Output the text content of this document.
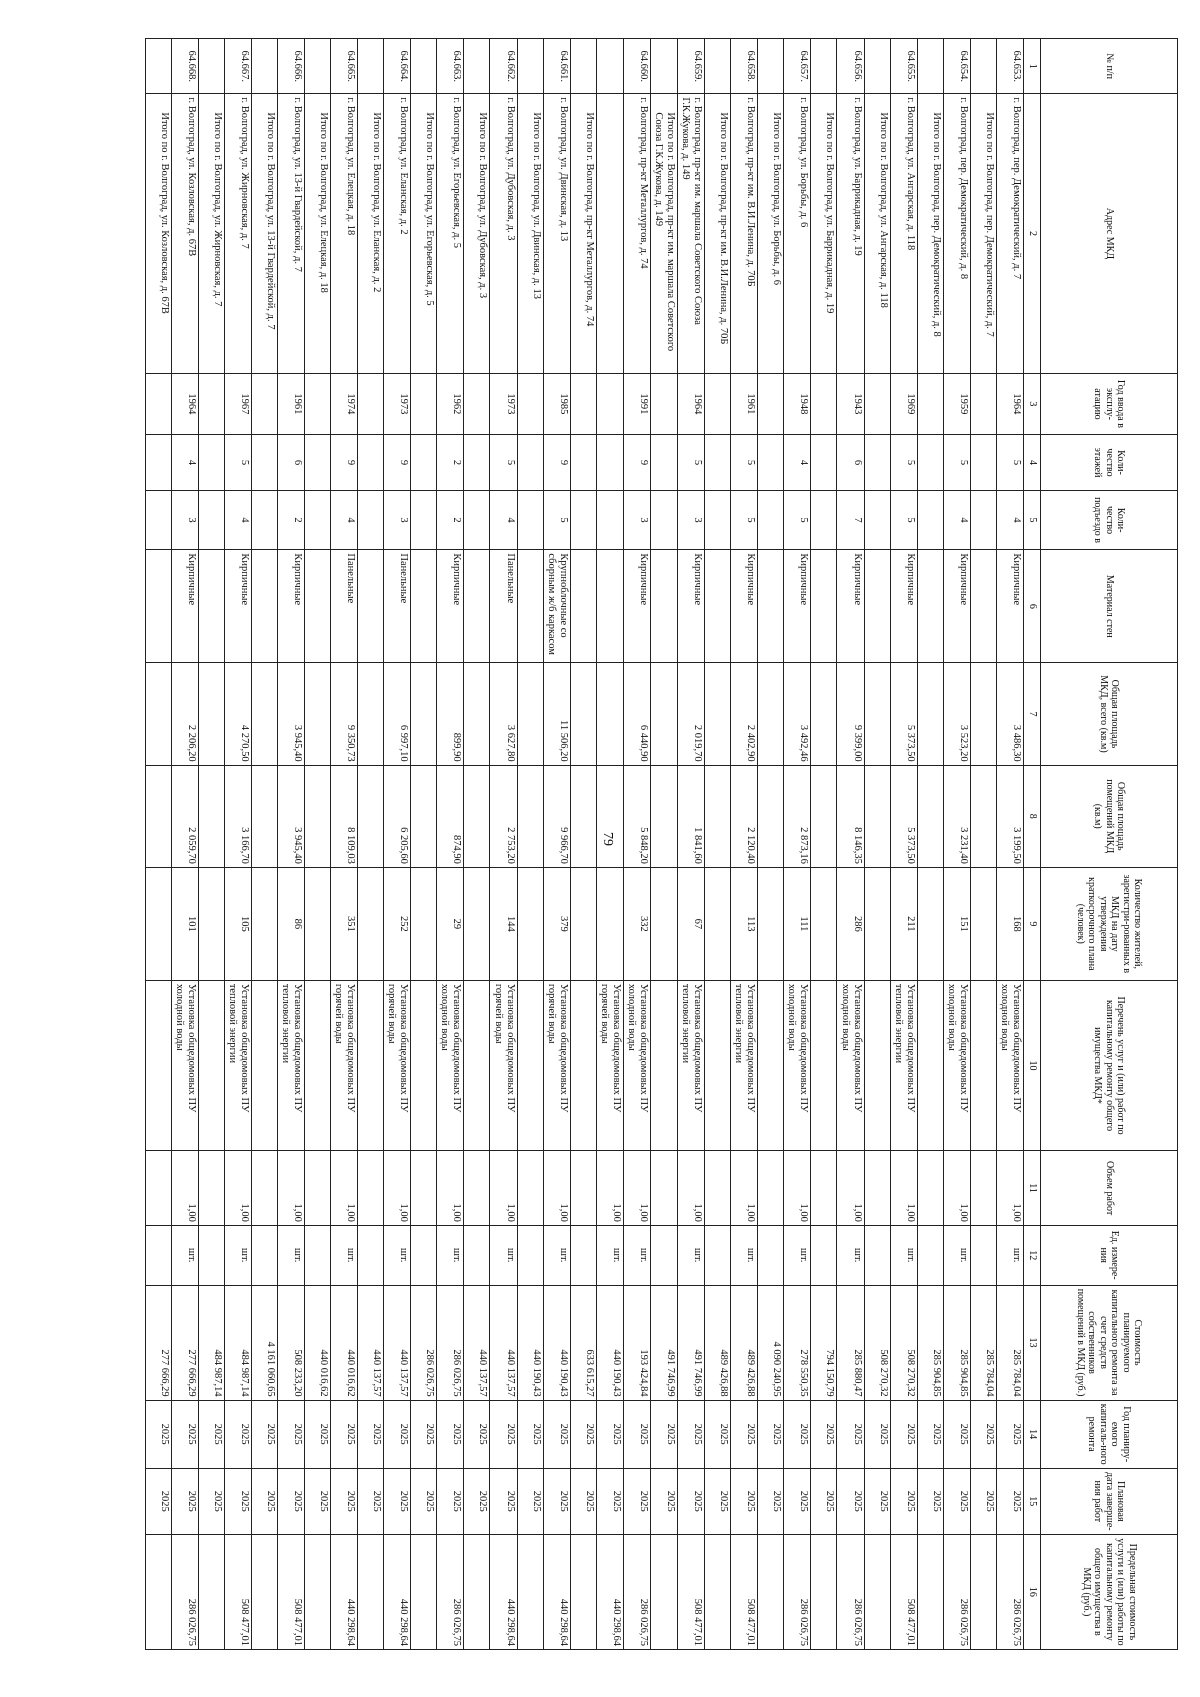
79
№ п/п	Адрес МКД	Год ввода в эксплу-атацию	Коли-чество этажей	Коли-чество подъездо в	Материал стен	Общая площадь МКД, всего (кв.м)	Общая площадь помещений МКД (кв.м)	Количество жителей, зарегистри-рованных в МКД на дату утверждения краткосрочного плана (человек)	Перечень услуг и (или) работ по капитальному ремонту общего имущества МКД*	Объем работ	Ед. измере-ния	Стоимость планируемого капитального ремонта за счет средств собственников помещений в МКД (руб.)	Год планиру-емого капиталь-ного ремонта	Плановая дата заверше-ния работ	Предельная стоимость услуги и (или) работы по капитальному ремонту общего имущества в МКД (руб.)
1	2	3	4	5	6	7	8	9	10	11	12	13	14	15	16
64.653.	г. Волгоград, пер. Демократический, д. 7	1964	5	4	Кирпичные	3 486,30	3 199,50	168	Установка общедомовых ПУ холодной воды	1,00	шт.	285 784,04	2025	2025	286 026,75
	Итого по г. Волгоград, пер. Демократический, д. 7											285 784,04	2025	2025	
64.654.	г. Волгоград, пер. Демократический, д. 8	1959	5	4	Кирпичные	3 523,20	3 231,40	151	Установка общедомовых ПУ холодной воды	1,00	шт.	285 904,85	2025	2025	286 026,75
	Итого по г. Волгоград, пер. Демократический, д. 8											285 904,85	2025	2025	
64.655.	г. Волгоград, ул. Ангарская, д. 118	1969	5	5	Кирпичные	5 373,50	5 373,50	211	Установка общедомовых ПУ тепловой энергии	1,00	шт.	508 270,32	2025	2025	508 477,01
	Итого по г. Волгоград, ул. Ангарская, д. 118											508 270,32	2025	2025	
64.656.	г. Волгоград, ул. Баррикадная, д. 19	1943	6	7	Кирпичные	9 399,00	8 146,35	286	Установка общедомовых ПУ холодной воды	1,00	шт.	285 880,47	2025	2025	286 026,75
	Итого по г. Волгоград, ул. Баррикадная, д. 19											794 150,79	2025	2025	
64.657.	г. Волгоград, ул. Борьбы, д. 6	1948	4	5	Кирпичные	3 492,46	2 873,16	111	Установка общедомовых ПУ холодной воды	1,00	шт.	278 550,35	2025	2025	286 026,75
	Итого по г. Волгоград, ул. Борьбы, д. 6											4 090 240,95	2025	2025	
64.658.	г. Волгоград, пр-кт им. В.И.Ленина, д. 70Б	1961	5	5	Кирпичные	2 402,90	2 120,40	113	Установка общедомовых ПУ тепловой энергии	1,00	шт.	489 426,88	2025	2025	508 477,01
	Итого по г. Волгоград, пр-кт им. В.И.Ленина, д. 70Б											489 426,88	2025	2025	
64.659.	г. Волгоград, пр-кт им. маршала Советского Союза Г.К.Жукова, д. 149	1964	5	3	Кирпичные	2 019,70	1 841,60	67	Установка общедомовых ПУ тепловой энергии	1,00	шт.	491 746,99	2025	2025	508 477,01
	Итого по г. Волгоград, пр-кт им. маршала Советского Союза Г.К.Жукова, д. 149											491 746,99	2025	2025	
64.660.	г. Волгоград, пр-кт Металлургов, д. 74	1991	9	3	Кирпичные	6 440,90	5 848,20	332	Установка общедомовых ПУ холодной воды	1,00	шт.	193 424,84	2025	2025	286 026,75
									Установка общедомовых ПУ горячей воды	1,00	шт.	440 190,43	2025	2025	440 298,64
	Итого по г. Волгоград, пр-кт Металлургов, д. 74											633 615,27	2025	2025	
64.661.	г. Волгоград, ул. Двинская, д. 13	1985	9	5	Крупноблочные со сборным ж/б каркасом	11 506,20	9 966,70	379	Установка общедомовых ПУ горячей воды	1,00	шт.	440 190,43	2025	2025	440 298,64
	Итого по г. Волгоград, ул. Двинская, д. 13											440 190,43	2025	2025	
64.662.	г. Волгоград, ул. Дубовская, д. 3	1973	5	4	Панельные	3 627,80	2 753,20	144	Установка общедомовых ПУ горячей воды	1,00	шт.	440 137,57	2025	2025	440 298,64
	Итого по г. Волгоград, ул. Дубовская, д. 3											440 137,57	2025	2025	
64.663.	г. Волгоград, ул. Егорьевская, д. 5	1962	2	2	Кирпичные	899,90	874,90	29	Установка общедомовых ПУ холодной воды	1,00	шт.	286 026,75	2025	2025	286 026,75
	Итого по г. Волгоград, ул. Егорьевская, д. 5											286 026,75	2025	2025	
64.664.	г. Волгоград, ул. Еланская, д. 2	1973	9	3	Панельные	6 997,10	6 205,60	252	Установка общедомовых ПУ горячей воды	1,00	шт.	440 137,57	2025	2025	440 298,64
	Итого по г. Волгоград, ул. Еланская, д. 2											440 137,57	2025	2025	
64.665.	г. Волгоград, ул. Елецкая, д. 18	1974	9	4	Панельные	9 350,73	8 109,03	351	Установка общедомовых ПУ горячей воды	1,00	шт.	440 016,62	2025	2025	440 298,64
	Итого по г. Волгоград, ул. Елецкая, д. 18											440 016,62	2025	2025	
64.666.	г. Волгоград, ул. 13-й Гвардейской, д. 7	1961	6	2	Кирпичные	3 945,40	3 945,40	86	Установка общедомовых ПУ тепловой энергии	1,00	шт.	508 233,20	2025	2025	508 477,01
	Итого по г. Волгоград, ул. 13-й Гвардейской, д. 7											4 161 060,65	2025	2025	
64.667.	г. Волгоград, ул. Жирновская, д. 7	1967	5	4	Кирпичные	4 270,50	3 166,70	105	Установка общедомовых ПУ тепловой энергии	1,00	шт.	484 987,14	2025	2025	508 477,01
	Итого по г. Волгоград, ул. Жирновская, д. 7											484 987,14	2025	2025	
64.668.	г. Волгоград, ул. Козловская, д. 67В	1964	4	3	Кирпичные	2 206,20	2 059,70	101	Установка общедомовых ПУ холодной воды	1,00	шт.	277 666,29	2025	2025	286 026,75
	Итого по г. Волгоград, ул. Козловская, д. 67В											277 666,29	2025	2025	
